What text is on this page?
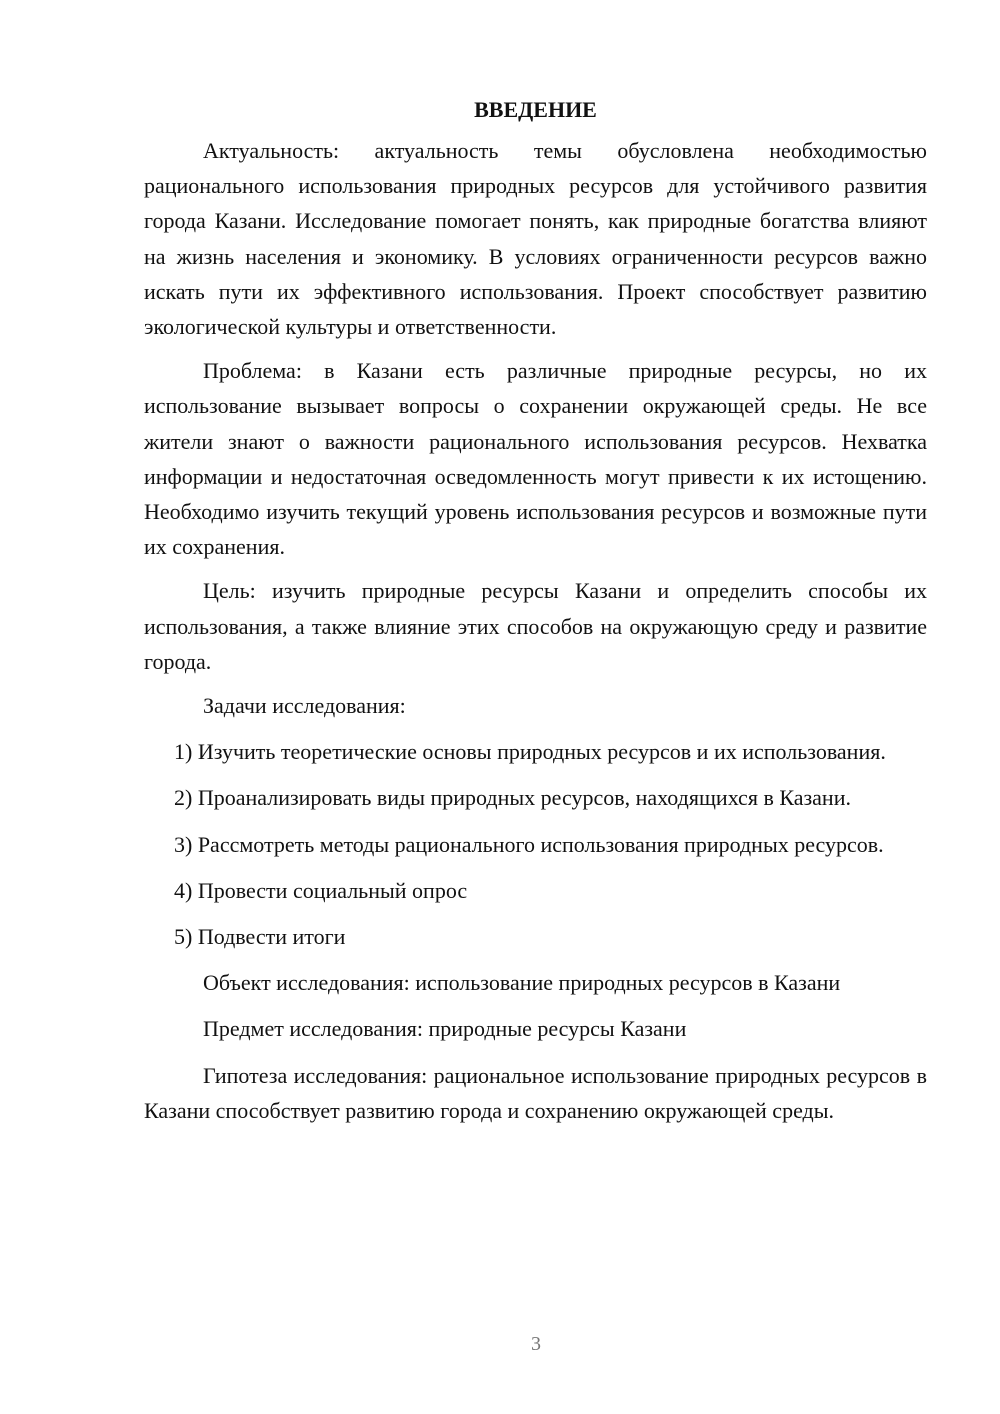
ВВЕДЕНИЕ

Актуальность: актуальность темы обусловлена необходимостью рационального использования природных ресурсов для устойчивого развития города Казани. Исследование помогает понять, как природные богатства влияют на жизнь населения и экономику. В условиях ограниченности ресурсов важно искать пути их эффективного использования. Проект способствует развитию экологической культуры и ответственности.

Проблема: в Казани есть различные природные ресурсы, но их использование вызывает вопросы о сохранении окружающей среды. Не все жители знают о важности рационального использования ресурсов. Нехватка информации и недостаточная осведомленность могут привести к их истощению. Необходимо изучить текущий уровень использования ресурсов и возможные пути их сохранения.

Цель: изучить природные ресурсы Казани и определить способы их использования, а также влияние этих способов на окружающую среду и развитие города.

Задачи исследования:

1) Изучить теоретические основы природных ресурсов и их использования.

2) Проанализировать виды природных ресурсов, находящихся в Казани.

3) Рассмотреть методы рационального использования природных ресурсов.

4) Провести социальный опрос

5) Подвести итоги

Объект исследования: использование природных ресурсов в Казани

Предмет исследования: природные ресурсы Казани

Гипотеза исследования: рациональное использование природных ресурсов в Казани способствует развитию города и сохранению окружающей среды.

3
